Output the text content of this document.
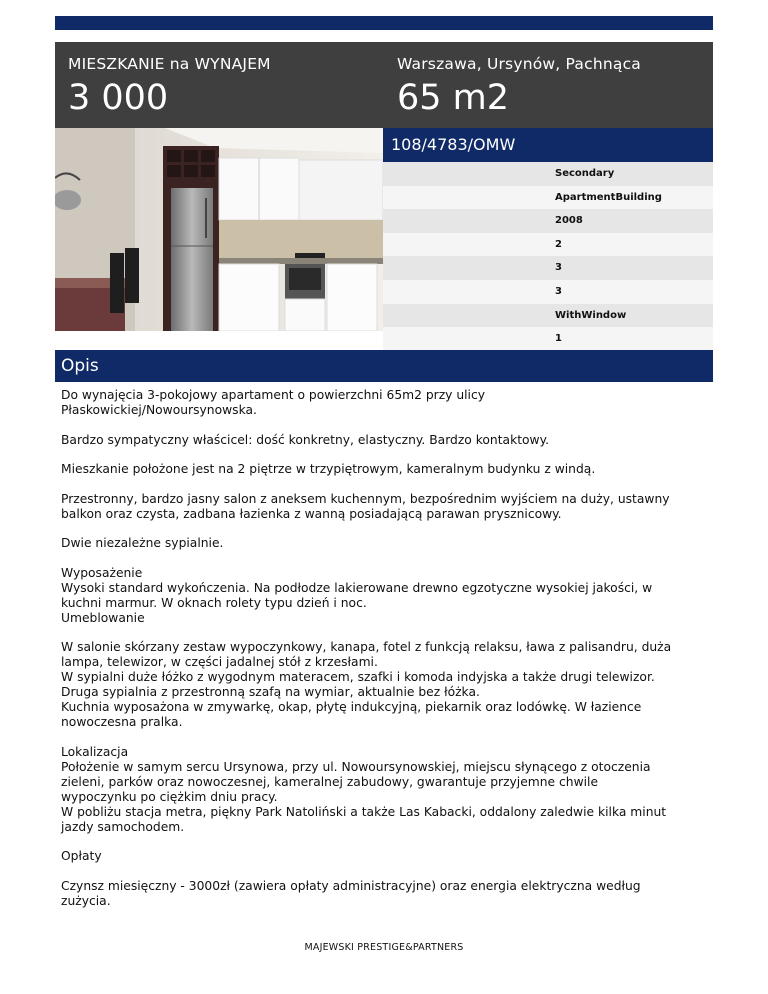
MIESZKANIE na WYNAJEM
3 000
Warszawa, Ursynów, Pachnąca
65 m2
108/4783/OMW
Secondary
ApartmentBuilding
2008
2
3
3
WithWindow
1
Opis

Do wynajęcia 3-pokojowy apartament o powierzchni 65m2 przy ulicy
Płaskowickiej/Nowoursynowska.

Bardzo sympatyczny właścicel: dość konkretny, elastyczny. Bardzo kontaktowy.

Mieszkanie położone jest na 2 piętrze w trzypiętrowym, kameralnym budynku z windą.

Przestronny, bardzo jasny salon z aneksem kuchennym, bezpośrednim wyjściem na duży, ustawny
balkon oraz czysta, zadbana łazienka z wanną posiadającą parawan prysznicowy.

Dwie niezależne sypialnie.

Wyposażenie
Wysoki standard wykończenia. Na podłodze lakierowane drewno egzotyczne wysokiej jakości, w
kuchni marmur. W oknach rolety typu dzień i noc.
Umeblowanie

W salonie skórzany zestaw wypoczynkowy, kanapa, fotel z funkcją relaksu, ława z palisandru, duża
lampa, telewizor, w części jadalnej stół z krzesłami.
W sypialni duże łóżko z wygodnym materacem, szafki i komoda indyjska a także drugi telewizor.
Druga sypialnia z przestronną szafą na wymiar, aktualnie bez łóżka.
Kuchnia wyposażona w zmywarkę, okap, płytę indukcyjną, piekarnik oraz lodówkę. W łazience
nowoczesna pralka.

Lokalizacja
Położenie w samym sercu Ursynowa, przy ul. Nowoursynowskiej, miejscu słynącego z otoczenia
zieleni, parków oraz nowoczesnej, kameralnej zabudowy, gwarantuje przyjemne chwile
wypoczynku po ciężkim dniu pracy.
W pobliżu stacja metra, piękny Park Natoliński a także Las Kabacki, oddalony zaledwie kilka minut
jazdy samochodem.

Opłaty

Czynsz miesięczny - 3000zł (zawiera opłaty administracyjne) oraz energia elektryczna według
zużycia.

MAJEWSKI PRESTIGE&PARTNERS
